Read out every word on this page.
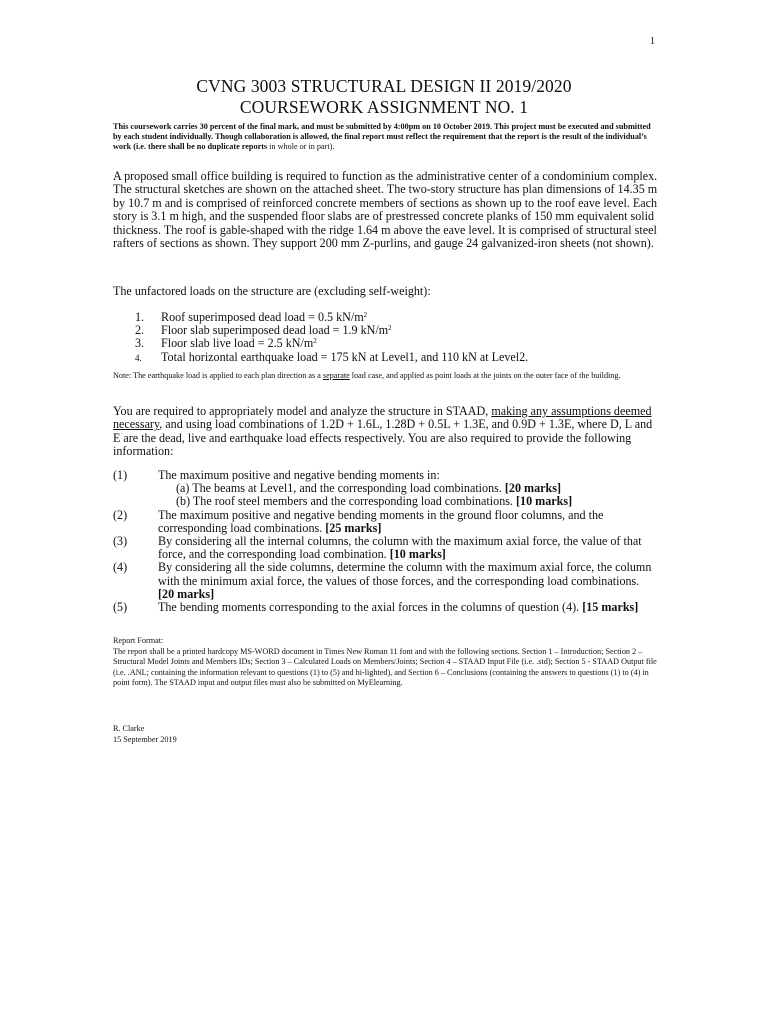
1
CVNG 3003 STRUCTURAL DESIGN II 2019/2020
COURSEWORK ASSIGNMENT NO. 1
This coursework carries 30 percent of the final mark, and must be submitted by 4:00pm on 10 October 2019. This project must be executed and submitted by each student individually. Though collaboration is allowed, the final report must reflect the requirement that the report is the result of the individual’s work (i.e. there shall be no duplicate reports in whole or in part).
A proposed small office building is required to function as the administrative center of a condominium complex. The structural sketches are shown on the attached sheet. The two-story structure has plan dimensions of 14.35 m by 10.7 m and is comprised of reinforced concrete members of sections as shown up to the roof eave level. Each story is 3.1 m high, and the suspended floor slabs are of prestressed concrete planks of 150 mm equivalent solid thickness. The roof is gable-shaped with the ridge 1.64 m above the eave level. It is comprised of structural steel rafters of sections as shown. They support 200 mm Z-purlins, and gauge 24 galvanized-iron sheets (not shown).
The unfactored loads on the structure are (excluding self-weight):
1.	Roof superimposed dead load = 0.5 $kN/m^2$
2.	Floor slab superimposed dead load = 1.9 $kN/m^2$
3.	Floor slab live load = 2.5 $kN/m^2$
4.	Total horizontal earthquake load = 175 kN at Level1, and 110 kN at Level2.
Note: The earthquake load is applied to each plan direction as a separate load case, and applied as point loads at the joints on the outer face of the building.
You are required to appropriately model and analyze the structure in STAAD, making any assumptions deemed necessary, and using load combinations of 1.2D + 1.6L, 1.28D + 0.5L + 1.3E, and 0.9D + 1.3E, where D, L and E are the dead, live and earthquake load effects respectively. You are also required to provide the following information:
(1)	The maximum positive and negative bending moments in:
(a) The beams at Level1, and the corresponding load combinations. [20 marks]
(b) The roof steel members and the corresponding load combinations. [10 marks]
(2)	The maximum positive and negative bending moments in the ground floor columns, and the corresponding load combinations. [25 marks]
(3)	By considering all the internal columns, the column with the maximum axial force, the value of that force, and the corresponding load combination. [10 marks]
(4)	By considering all the side columns, determine the column with the maximum axial force, the column with the minimum axial force, the values of those forces, and the corresponding load combinations. [20 marks]
(5)	The bending moments corresponding to the axial forces in the columns of question (4). [15 marks]
Report Format:
The report shall be a printed hardcopy MS-WORD document in Times New Roman 11 font and with the following sections. Section 1 – Introduction; Section 2 – Structural Model Joints and Members IDs; Section 3 – Calculated Loads on Members/Joints; Section 4 – STAAD Input File (i.e. .std); Section 5 - STAAD Output file (i.e. .ANL; containing the information relevant to questions (1) to (5) and hi-lighted), and Section 6 – Conclusions (containing the answers to questions (1) to (4) in point form). The STAAD input and output files must also be submitted on MyElearning.
R. Clarke
15 September 2019
